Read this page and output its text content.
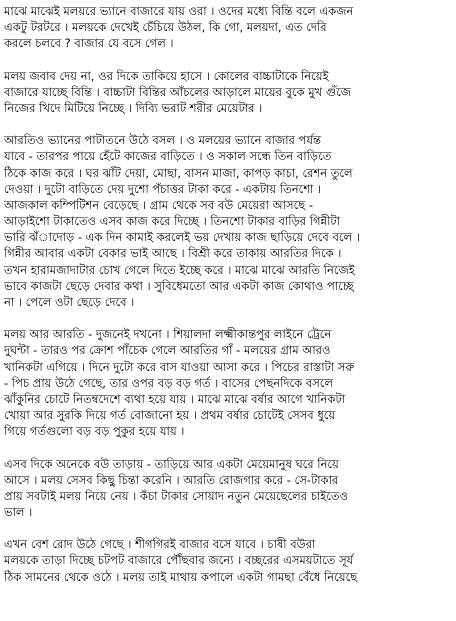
মাঝে মাঝেই মলয়রে ভ্যানে বাজারে যায় ওরা । ওদের মধ্যে বিন্তি বলে একজন
একটু টরটরে । মলয়কে দেখেই চেঁচিয়ে উঠল, কি গো, মলয়দা, এত দেরি
করলে চলবে ? বাজার যে বসে গেল ।
মলয় জবাব দেয় না, ওর দিকে তাকিয়ে হাসে । কোলের বাচ্চাটাকে নিয়েই
বাজারে যাচ্ছে বিন্তি । বাচ্চাটা বিন্তির আঁচলের আড়ালে মায়ের বুকে মুখ গুঁজে
নিজের খিদে মিটিয়ে নিচ্ছে । দিব্যি ভরাট শরীর মেয়েটার ।
আরতিও ভ্যানের পাটাতনে উঠে বসল । ও মলয়ের ভ্যানে বাজার পর্যন্ত
যাবে - তারপর পায়ে হেঁটে কাজের বাড়িতে । ও সকাল সন্ধে তিন বাড়িতে
ঠিকে কাজ করে । ঘর ঝাঁট দেয়া, মোছা, বাসন মাজা, কাপড় কাচা, রেশন তুলে
দেওয়া । দুটো বাড়িতে দেয় দুশো পঁচাত্তর টাকা করে - একটায় তিনশো ।
আজকাল কম্পিটিশন বেড়েছে । গ্রাম থেকে সব বউ মেয়েরা আসছে -
আড়াইশো টাকাতেও এসব কাজ করে দিচ্ছে । তিনশো টাকার বাড়ির গিন্নীটা
ভারি ঝঁাদোড় - এক দিন কামাই করলেই ভয় দেখায় কাজ ছাড়িয়ে দেবে বলে ।
গিন্নীর আবার একটা বেকার ভাই আছে । বিশ্রী করে তাকায় আরতির দিকে ।
তখন হারামজাদাটার চোখ গেলে দিতে ইচ্ছে করে । মাঝে মাঝে আরতি নিজেই
ভাবে কাজটা ছেড়ে দেবার কথা । সুবিধেমতো আর একটা কাজ কোথাও পাচ্ছে
না । পেলে ওটা ছেড়ে দেবে ।
মলয় আর আরতি - দুজনেই দখনো । শিয়ালদা লক্ষ্মীকান্তপুর লাইনে ট্রেনে
দুঘন্টা - তারও পর ক্রোশ পাঁচেক গেলে আরতির গাঁ - মলয়ের গ্রাম আরও
খানিকটা এগিয়ে । দিনে দুটো করে বাস যাওয়া আসা করে । পিচের রাস্তাটা সরু
- পিচ প্রায় উঠে গেছে, তার ওপর বড় বড় গর্ত । বাসের পেছনদিকে বসলে
ঝাঁকুনির চোটে নিতম্বদেশে ব্যথা হয়ে যায় । মাঝে মাঝে বর্ষার আগে খানিকটা
খোয়া আর সুরকি দিয়ে গর্ত বোজানো হয় । প্রথম বর্ষার চোটেই সেসব ধুয়ে
গিয়ে গর্তগুলো বড় বড় পুকুর হয়ে যায় ।
এসব দিকে অনেকে বউ তাড়ায় - তাড়িয়ে আর একটা মেয়েমানুষ ঘরে নিয়ে
আসে । মলয় সেসব কিছু চিন্তা করেনি । আরতি রোজগার করে - সে-টাকার
প্রায় সবটাই মলয় নিয়ে নেয় । কঁচা টাকার সোয়াদ নতুন মেয়েছেলের চাইতেও
ভাল ।
এখন বেশ রোদ উঠে গেছে । শীগগিরই বাজার বসে যাবে । চাষী বউরা
মলয়কে তাড়া দিচ্ছে চটপট বাজারে পৌঁছবার জন্যে । বচ্ছরের এসময়টাতে সূর্য
ঠিক সামনের থেকে ওঠে । মলয় তাই মাথায় কপালে একটা গামছা বেঁধে নিয়েছে
